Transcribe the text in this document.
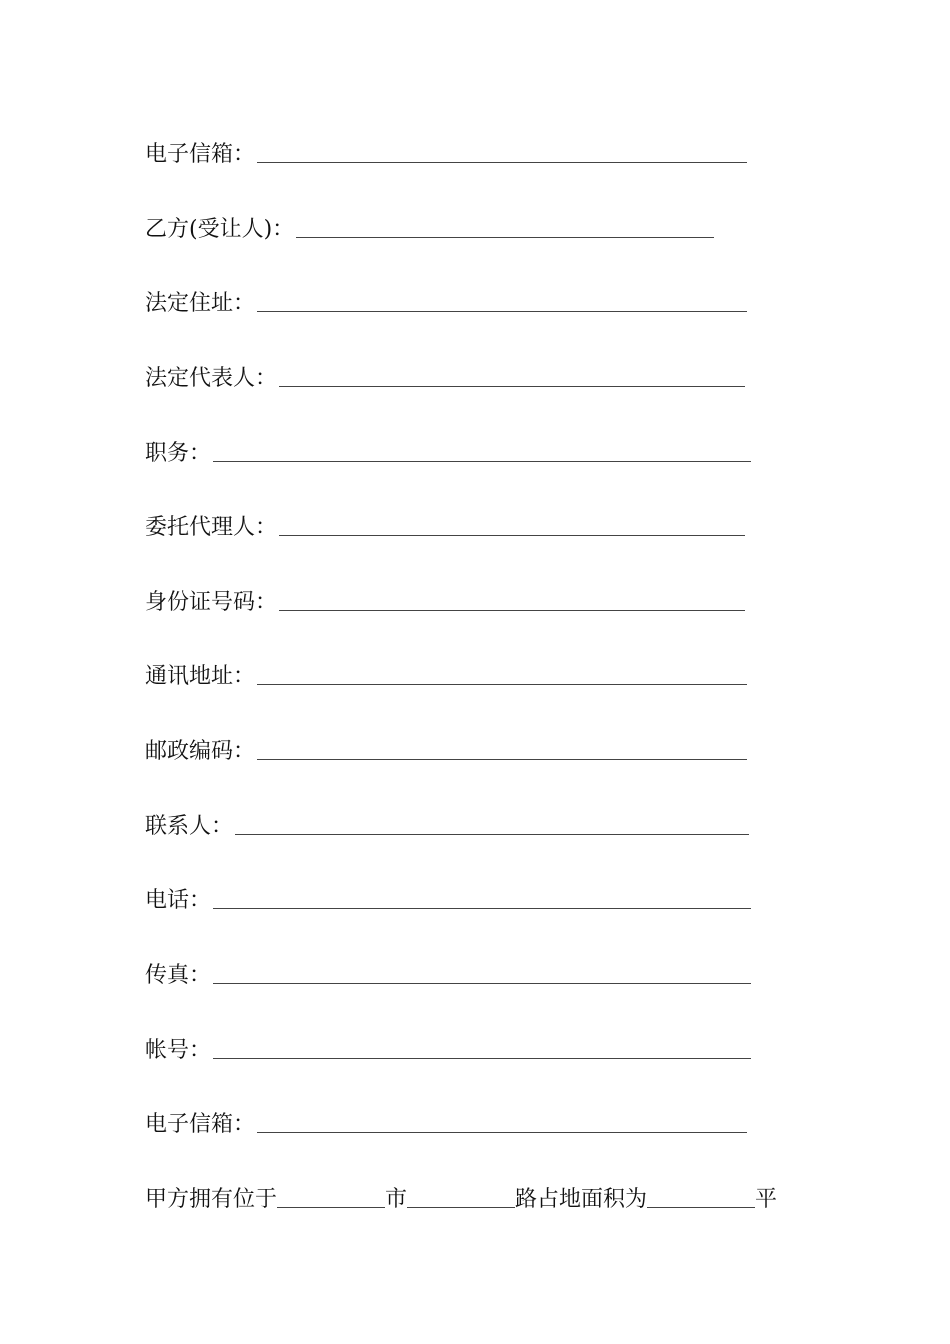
电子信箱：
乙方(受让人)：
法定住址：
法定代表人：
职务：
委托代理人：
身份证号码：
通讯地址：
邮政编码：
联系人：
电话：
传真：
帐号：
电子信箱：
甲方拥有位于	市	路占地面积为	平
